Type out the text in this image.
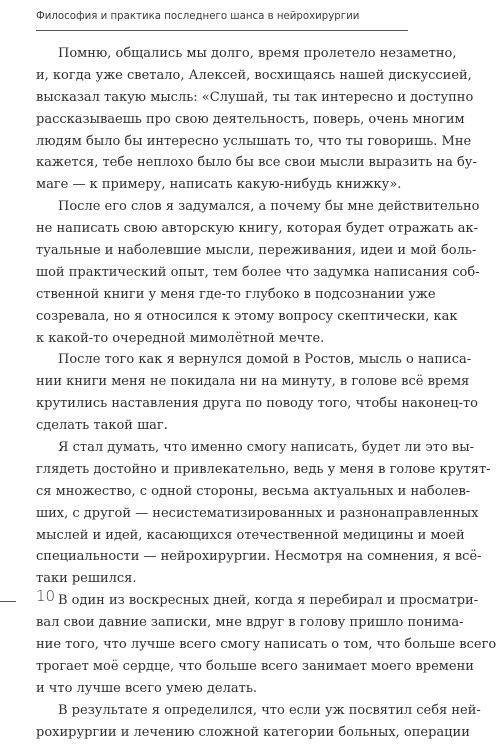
Философия и практика последнего шанса в нейрохирургии
Помню, общались мы долго, время пролетело незаметно,
и, когда уже светало, Алексей, восхищаясь нашей дискуссией,
высказал такую мысль: «Слушай, ты так интересно и доступно
рассказываешь про свою деятельность, поверь, очень многим
людям было бы интересно услышать то, что ты говоришь. Мне
кажется, тебе неплохо было бы все свои мысли выразить на бу-
маге — к примеру, написать какую-нибудь книжку».
После его слов я задумался, а почему бы мне действительно
не написать свою авторскую книгу, которая будет отражать ак-
туальные и наболевшие мысли, переживания, идеи и мой боль-
шой практический опыт, тем более что задумка написания соб-
ственной книги у меня где-то глубоко в подсознании уже
созревала, но я относился к этому вопросу скептически, как
к какой-то очередной мимолётной мечте.
После того как я вернулся домой в Ростов, мысль о написа-
нии книги меня не покидала ни на минуту, в голове всё время
крутились наставления друга по поводу того, чтобы наконец-то
сделать такой шаг.
Я стал думать, что именно смогу написать, будет ли это вы-
глядеть достойно и привлекательно, ведь у меня в голове крутят-
ся множество, с одной стороны, весьма актуальных и наболев-
ших, с другой — несистематизированных и разнонаправленных
мыслей и идей, касающихся отечественной медицины и моей
специальности — нейрохирургии. Несмотря на сомнения, я всё-
таки решился.
В один из воскресных дней, когда я перебирал и просматри-
вал свои давние записки, мне вдруг в голову пришло понима-
ние того, что лучше всего смогу написать о том, что больше всего
трогает моё сердце, что больше всего занимает моего времени
и что лучше всего умею делать.
В результате я определился, что если уж посвятил себя ней-
рохирургии и лечению сложной категории больных, операции
10
